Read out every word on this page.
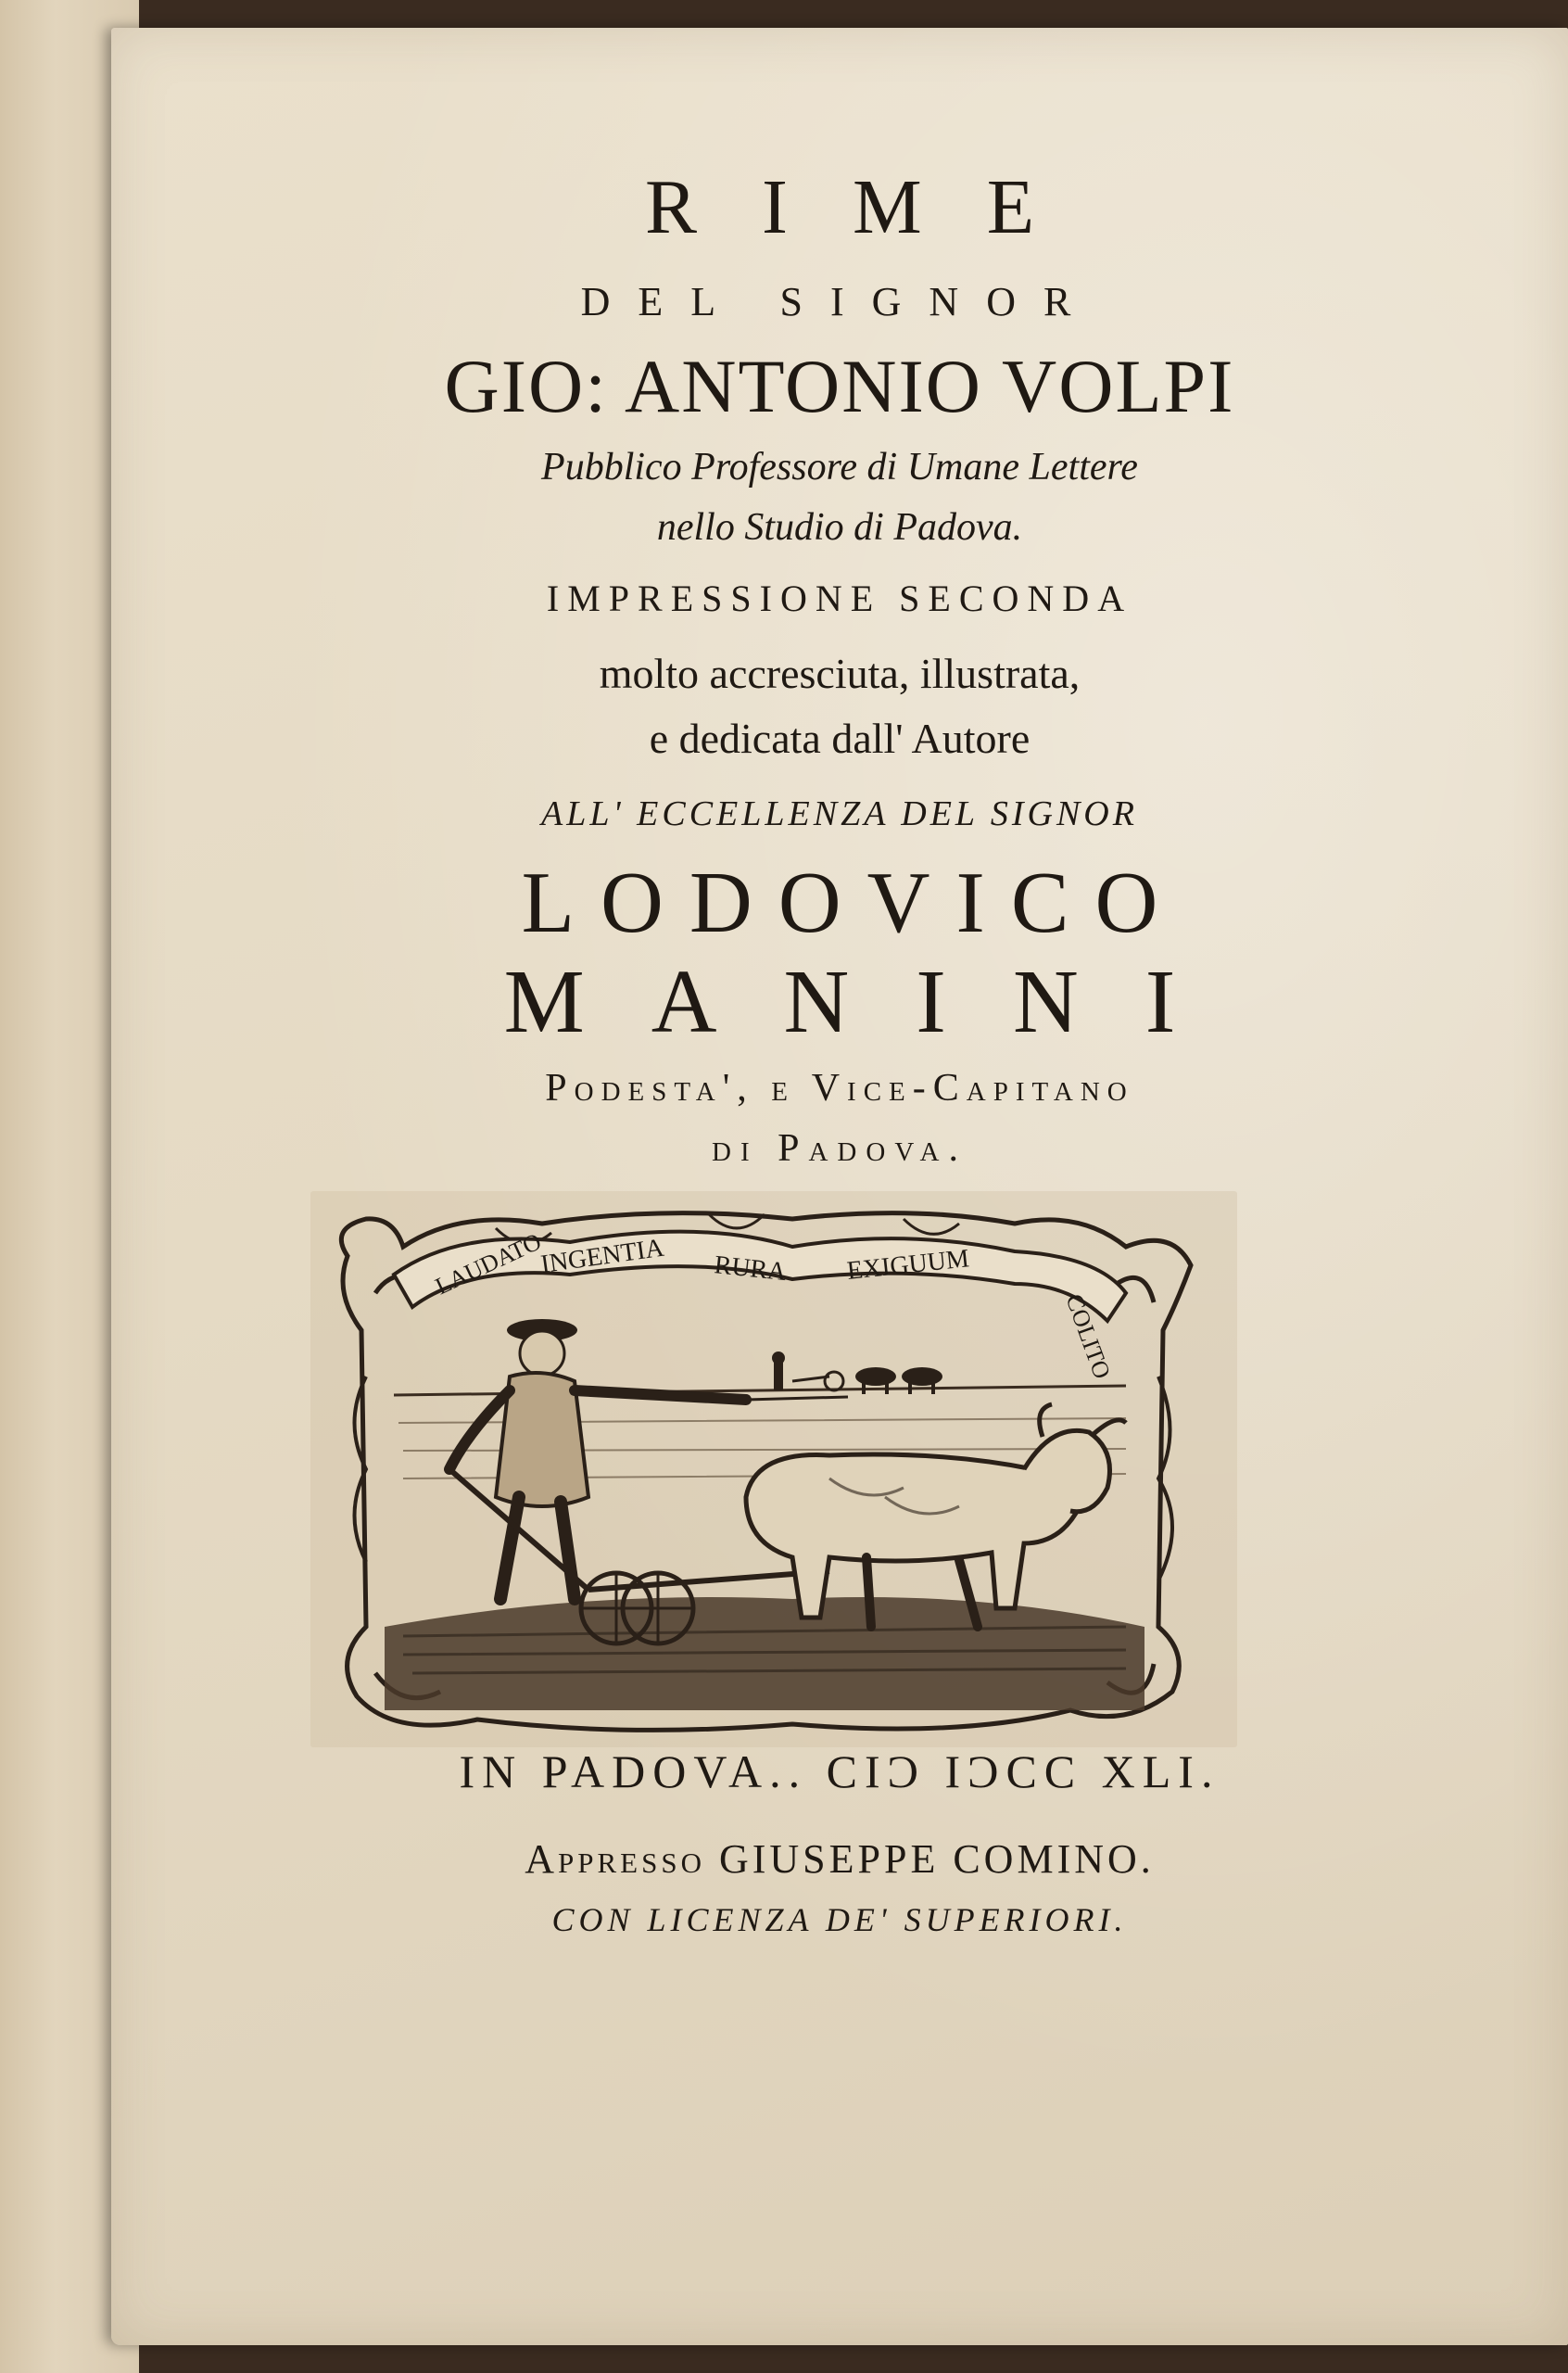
RIME
DEL SIGNOR
GIO: ANTONIO VOLPI
Pubblico Professore di Umane Lettere
nello Studio di Padova.
IMPRESSIONE SECONDA
molto accresciuta, illustrata,
e dedicata dall' Autore
ALL' ECCELLENZA DEL SIGNOR
LODOVICO
MANINI
Podesta', e Vice-Capitano
di Padova.
LAUDATO
INGENTIA RURA EXIGUUM
COLITO
IN PADOVA.. CIϽ IϽCC XLI.
Appresso GIUSEPPE COMINO.
CON LICENZA DE' SUPERIORI.
